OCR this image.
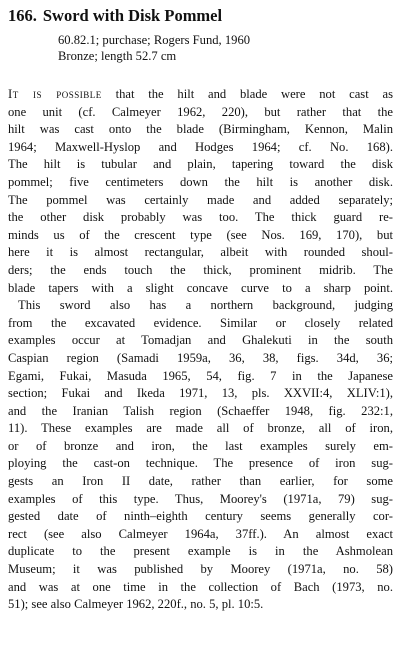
166. Sword with Disk Pommel
60.82.1; purchase; Rogers Fund, 1960
Bronze; length 52.7 cm
It is possible that the hilt and blade were not cast as
one unit (cf. Calmeyer 1962, 220), but rather that the
hilt was cast onto the blade (Birmingham, Kennon, Malin
1964; Maxwell-Hyslop and Hodges 1964; cf. No. 168).
The hilt is tubular and plain, tapering toward the disk
pommel; five centimeters down the hilt is another disk.
The pommel was certainly made and added separately;
the other disk probably was too. The thick guard re-
minds us of the crescent type (see Nos. 169, 170), but
here it is almost rectangular, albeit with rounded shoul-
ders; the ends touch the thick, prominent midrib. The
blade tapers with a slight concave curve to a sharp point.
This sword also has a northern background, judging
from the excavated evidence. Similar or closely related
examples occur at Tomadjan and Ghalekuti in the south
Caspian region (Samadi 1959a, 36, 38, figs. 34d, 36;
Egami, Fukai, Masuda 1965, 54, fig. 7 in the Japanese
section; Fukai and Ikeda 1971, 13, pls. XXVII:4, XLIV:1),
and the Iranian Talish region (Schaeffer 1948, fig. 232:1,
11). These examples are made all of bronze, all of iron,
or of bronze and iron, the last examples surely em-
ploying the cast-on technique. The presence of iron sug-
gests an Iron II date, rather than earlier, for some
examples of this type. Thus, Moorey's (1971a, 79) sug-
gested date of ninth–eighth century seems generally cor-
rect (see also Calmeyer 1964a, 37ff.). An almost exact
duplicate to the present example is in the Ashmolean
Museum; it was published by Moorey (1971a, no. 58)
and was at one time in the collection of Bach (1973, no.
51); see also Calmeyer 1962, 220f., no. 5, pl. 10:5.
